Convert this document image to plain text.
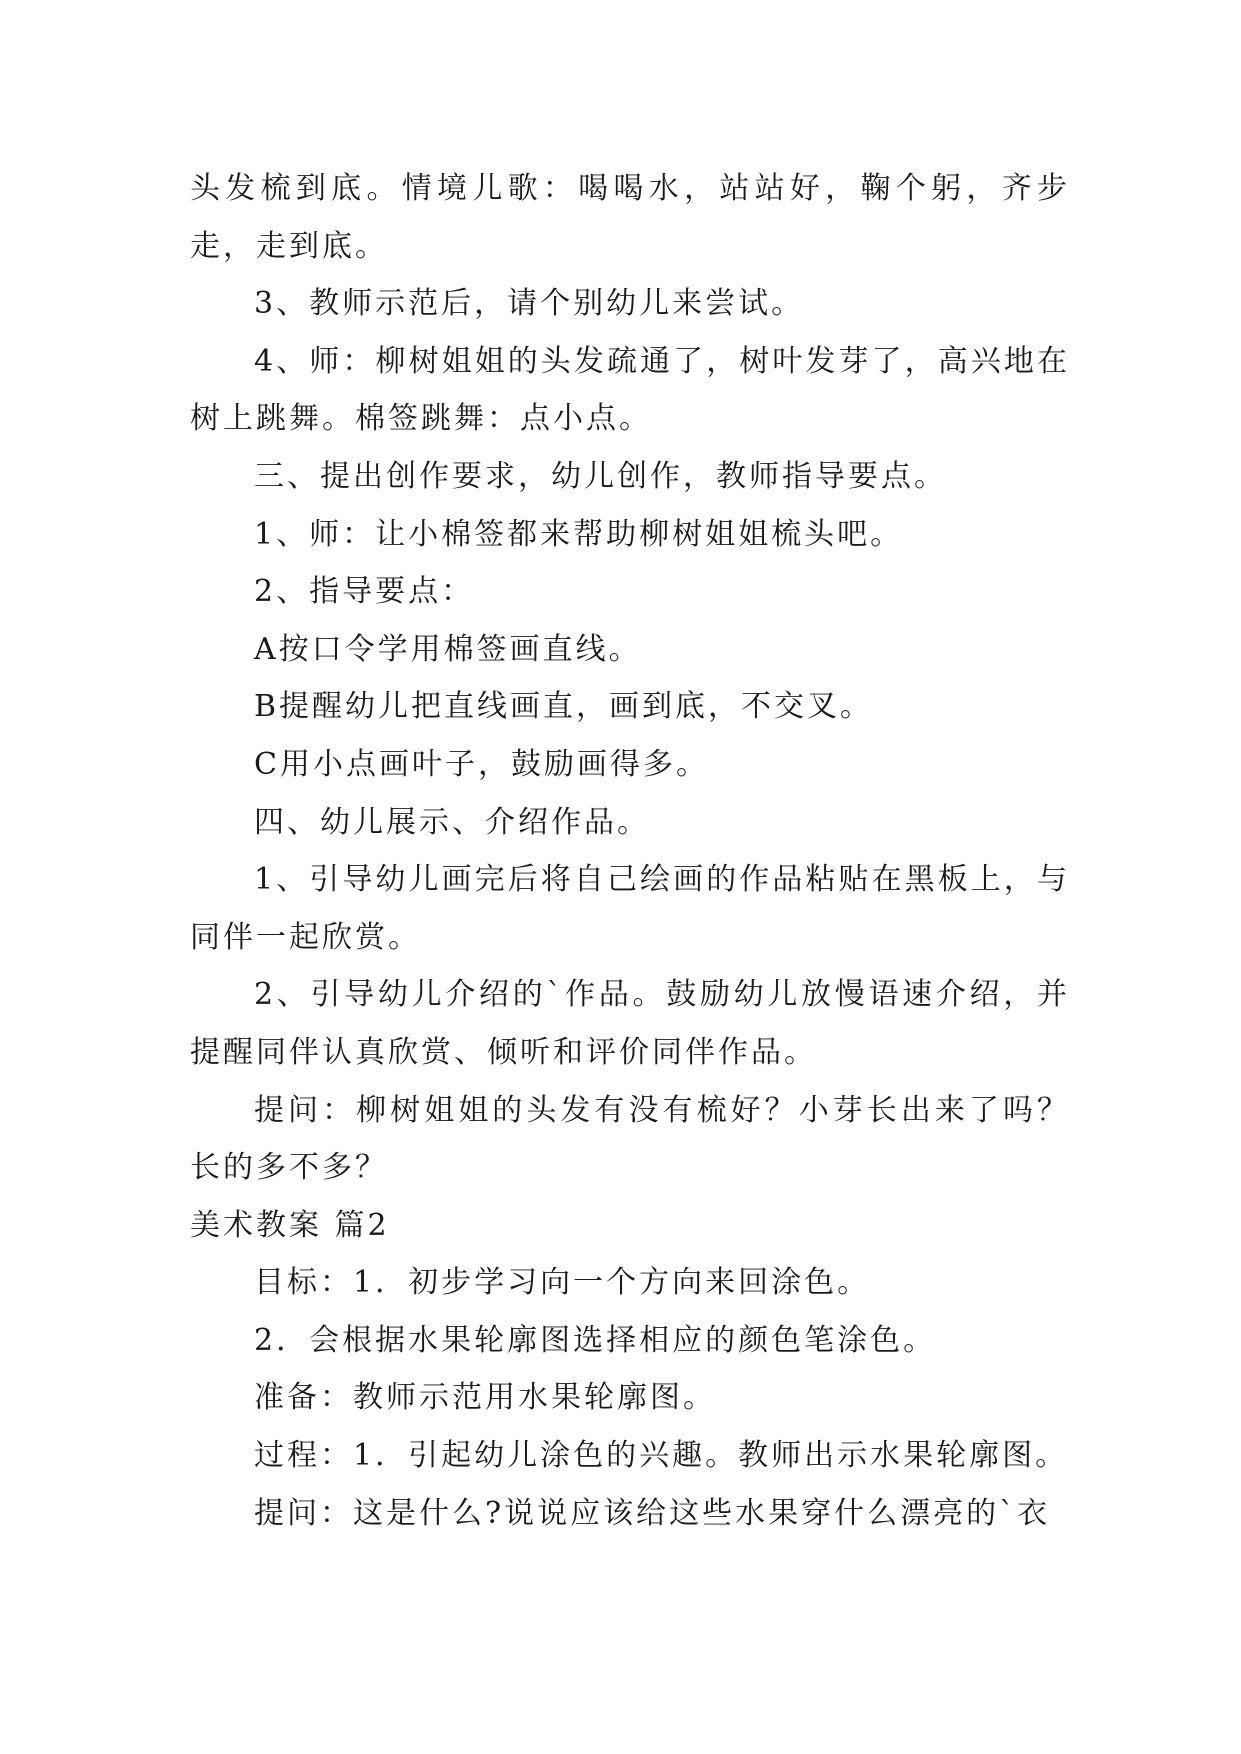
头发梳到底。情境儿歌：喝喝水，站站好，鞠个躬，齐步走，走到底。

3、教师示范后，请个别幼儿来尝试。

4、师：柳树姐姐的头发疏通了，树叶发芽了，高兴地在树上跳舞。棉签跳舞：点小点。

三、提出创作要求，幼儿创作，教师指导要点。

1、师：让小棉签都来帮助柳树姐姐梳头吧。

2、指导要点：

A按口令学用棉签画直线。

B提醒幼儿把直线画直，画到底，不交叉。

C用小点画叶子，鼓励画得多。

四、幼儿展示、介绍作品。

1、引导幼儿画完后将自己绘画的作品粘贴在黑板上，与同伴一起欣赏。

2、引导幼儿介绍的`作品。鼓励幼儿放慢语速介绍，并提醒同伴认真欣赏、倾听和评价同伴作品。

提问：柳树姐姐的头发有没有梳好？小芽长出来了吗？长的多不多？

美术教案 篇2

目标：1．初步学习向一个方向来回涂色。

2．会根据水果轮廓图选择相应的颜色笔涂色。

准备：教师示范用水果轮廓图。

过程：1．引起幼儿涂色的兴趣。教师出示水果轮廓图。

提问：这是什么?说说应该给这些水果穿什么漂亮的`衣
